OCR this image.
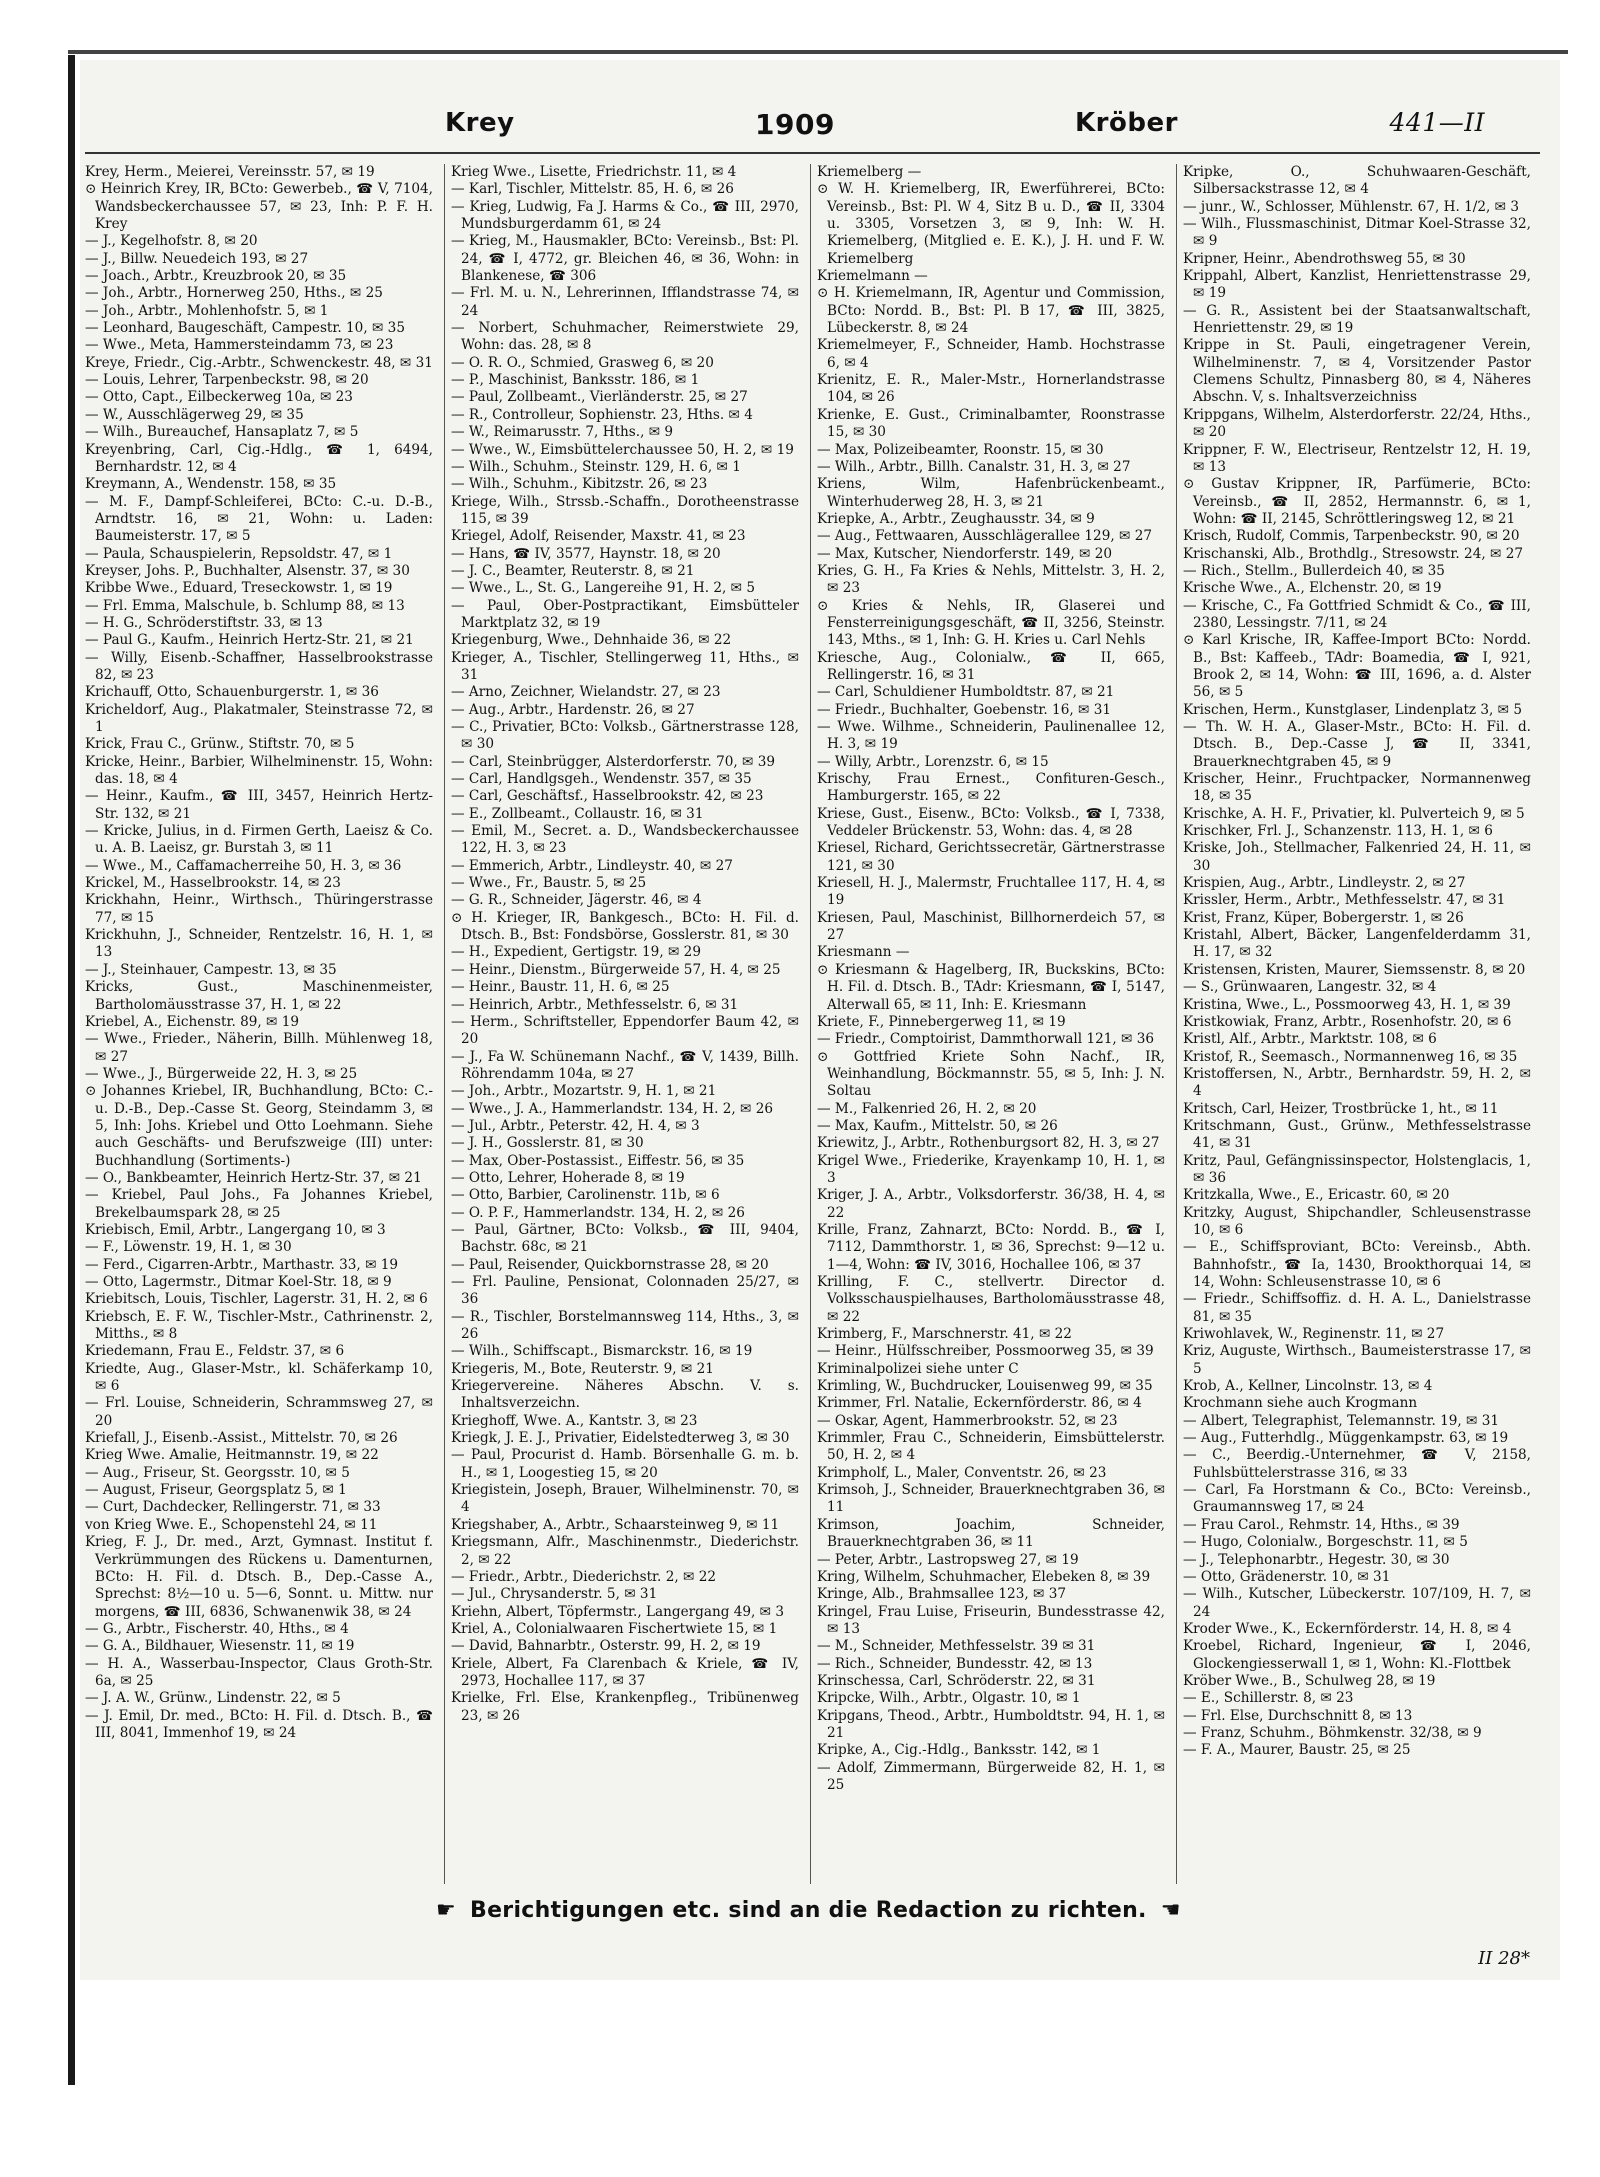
Krey	1909	Kröber	441—II

Krey, Herm., Meierei, Vereinsstr. 57, ✉ 19

⊙ Heinrich Krey, IR, BCto: Gewerbeb., ☎ V, 7104, Wandsbeckerchaussee 57, ✉ 23, Inh: P. F. H. Krey

— J., Kegelhofstr. 8, ✉ 20

— J., Billw. Neuedeich 193, ✉ 27

— Joach., Arbtr., Kreuzbrook 20, ✉ 35

— Joh., Arbtr., Hornerweg 250, Hths., ✉ 25

— Joh., Arbtr., Mohlenhofstr. 5, ✉ 1

— Leonhard, Baugeschäft, Campestr. 10, ✉ 35

— Wwe., Meta, Hammersteindamm 73, ✉ 23

Kreye, Friedr., Cig.-Arbtr., Schwenckestr. 48, ✉ 31

— Louis, Lehrer, Tarpenbeckstr. 98, ✉ 20

— Otto, Capt., Eilbeckerweg 10a, ✉ 23

— W., Ausschlägerweg 29, ✉ 35

— Wilh., Bureauchef, Hansaplatz 7, ✉ 5

Kreyenbring, Carl, Cig.-Hdlg., ☎ 1, 6494, Bernhardstr. 12, ✉ 4

Kreymann, A., Wendenstr. 158, ✉ 35

— M. F., Dampf-Schleiferei, BCto: C.-u. D.-B., Arndtstr. 16, ✉ 21, Wohn: u. Laden: Baumeisterstr. 17, ✉ 5

— Paula, Schauspielerin, Repsoldstr. 47, ✉ 1

Kreyser, Johs. P., Buchhalter, Alsenstr. 37, ✉ 30

Kribbe Wwe., Eduard, Treseckowstr. 1, ✉ 19

— Frl. Emma, Malschule, b. Schlump 88, ✉ 13

— H. G., Schröderstiftstr. 33, ✉ 13

— Paul G., Kaufm., Heinrich Hertz-Str. 21, ✉ 21

— Willy, Eisenb.-Schaffner, Hasselbrookstrasse 82, ✉ 23

Krichauff, Otto, Schauenburgerstr. 1, ✉ 36

Kricheldorf, Aug., Plakatmaler, Steinstrasse 72, ✉ 1

Krick, Frau C., Grünw., Stiftstr. 70, ✉ 5

Kricke, Heinr., Barbier, Wilhelminenstr. 15, Wohn: das. 18, ✉ 4

— Heinr., Kaufm., ☎ III, 3457, Heinrich Hertz-Str. 132, ✉ 21

— Kricke, Julius, in d. Firmen Gerth, Laeisz & Co. u. A. B. Laeisz, gr. Burstah 3, ✉ 11

— Wwe., M., Caffamacherreihe 50, H. 3, ✉ 36

Krickel, M., Hasselbrookstr. 14, ✉ 23

Krickhahn, Heinr., Wirthsch., Thüringerstrasse 77, ✉ 15

Krickhuhn, J., Schneider, Rentzelstr. 16, H. 1, ✉ 13

— J., Steinhauer, Campestr. 13, ✉ 35

Kricks, Gust., Maschinenmeister, Bartholomäusstrasse 37, H. 1, ✉ 22

Kriebel, A., Eichenstr. 89, ✉ 19

— Wwe., Frieder., Näherin, Billh. Mühlenweg 18, ✉ 27

— Wwe., J., Bürgerweide 22, H. 3, ✉ 25

⊙ Johannes Kriebel, IR, Buchhandlung, BCto: C.-u. D.-B., Dep.-Casse St. Georg, Steindamm 3, ✉ 5, Inh: Johs. Kriebel und Otto Loehmann. Siehe auch Geschäfts- und Berufszweige (III) unter: Buchhandlung (Sortiments-)

— O., Bankbeamter, Heinrich Hertz-Str. 37, ✉ 21

— Kriebel, Paul Johs., Fa Johannes Kriebel, Brekelbaumspark 28, ✉ 25

Kriebisch, Emil, Arbtr., Langergang 10, ✉ 3

— F., Löwenstr. 19, H. 1, ✉ 30

— Ferd., Cigarren-Arbtr., Marthastr. 33, ✉ 19

— Otto, Lagermstr., Ditmar Koel-Str. 18, ✉ 9

Kriebitsch, Louis, Tischler, Lagerstr. 31, H. 2, ✉ 6

Kriebsch, E. F. W., Tischler-Mstr., Cathrinenstr. 2, Mitths., ✉ 8

Kriedemann, Frau E., Feldstr. 37, ✉ 6

Kriedte, Aug., Glaser-Mstr., kl. Schäferkamp 10, ✉ 6

— Frl. Louise, Schneiderin, Schrammsweg 27, ✉ 20

Kriefall, J., Eisenb.-Assist., Mittelstr. 70, ✉ 26

Krieg Wwe. Amalie, Heitmannstr. 19, ✉ 22

— Aug., Friseur, St. Georgsstr. 10, ✉ 5

— August, Friseur, Georgsplatz 5, ✉ 1

— Curt, Dachdecker, Rellingerstr. 71, ✉ 33

von Krieg Wwe. E., Schopenstehl 24, ✉ 11

Krieg, F. J., Dr. med., Arzt, Gymnast. Institut f. Verkrümmungen des Rückens u. Damenturnen, BCto: H. Fil. d. Dtsch. B., Dep.-Casse A., Sprechst: 8½—10 u. 5—6, Sonnt. u. Mittw. nur morgens, ☎ III, 6836, Schwanenwik 38, ✉ 24

— G., Arbtr., Fischerstr. 40, Hths., ✉ 4

— G. A., Bildhauer, Wiesenstr. 11, ✉ 19

— H. A., Wasserbau-Inspector, Claus Groth-Str. 6a, ✉ 25

— J. A. W., Grünw., Lindenstr. 22, ✉ 5

— J. Emil, Dr. med., BCto: H. Fil. d. Dtsch. B., ☎ III, 8041, Immenhof 19, ✉ 24

Krieg Wwe., Lisette, Friedrichstr. 11, ✉ 4

— Karl, Tischler, Mittelstr. 85, H. 6, ✉ 26

— Krieg, Ludwig, Fa J. Harms & Co., ☎ III, 2970, Mundsburgerdamm 61, ✉ 24

— Krieg, M., Hausmakler, BCto: Vereinsb., Bst: Pl. 24, ☎ I, 4772, gr. Bleichen 46, ✉ 36, Wohn: in Blankenese, ☎ 306

— Frl. M. u. N., Lehrerinnen, Ifflandstrasse 74, ✉ 24

— Norbert, Schuhmacher, Reimerstwiete 29, Wohn: das. 28, ✉ 8

— O. R. O., Schmied, Grasweg 6, ✉ 20

— P., Maschinist, Banksstr. 186, ✉ 1

— Paul, Zollbeamt., Vierländerstr. 25, ✉ 27

— R., Controlleur, Sophienstr. 23, Hths. ✉ 4

— W., Reimarusstr. 7, Hths., ✉ 9

— Wwe., W., Eimsbüttelerchaussee 50, H. 2, ✉ 19

— Wilh., Schuhm., Steinstr. 129, H. 6, ✉ 1

— Wilh., Schuhm., Kibitzstr. 26, ✉ 23

Kriege, Wilh., Strssb.-Schaffn., Dorotheenstrasse 115, ✉ 39

Kriegel, Adolf, Reisender, Maxstr. 41, ✉ 23

— Hans, ☎ IV, 3577, Haynstr. 18, ✉ 20

— J. C., Beamter, Reuterstr. 8, ✉ 21

— Wwe., L., St. G., Langereihe 91, H. 2, ✉ 5

— Paul, Ober-Postpractikant, Eimsbütteler Marktplatz 32, ✉ 19

Kriegenburg, Wwe., Dehnhaide 36, ✉ 22

Krieger, A., Tischler, Stellingerweg 11, Hths., ✉ 31

— Arno, Zeichner, Wielandstr. 27, ✉ 23

— Aug., Arbtr., Hardenstr. 26, ✉ 27

— C., Privatier, BCto: Volksb., Gärtnerstrasse 128, ✉ 30

— Carl, Steinbrügger, Alsterdorferstr. 70, ✉ 39

— Carl, Handlgsgeh., Wendenstr. 357, ✉ 35

— Carl, Geschäftsf., Hasselbrookstr. 42, ✉ 23

— E., Zollbeamt., Collaustr. 16, ✉ 31

— Emil, M., Secret. a. D., Wandsbeckerchaussee 122, H. 3, ✉ 23

— Emmerich, Arbtr., Lindleystr. 40, ✉ 27

— Wwe., Fr., Baustr. 5, ✉ 25

— G. R., Schneider, Jägerstr. 46, ✉ 4

⊙ H. Krieger, IR, Bankgesch., BCto: H. Fil. d. Dtsch. B., Bst: Fondsbörse, Gosslerstr. 81, ✉ 30

— H., Expedient, Gertigstr. 19, ✉ 29

— Heinr., Dienstm., Bürgerweide 57, H. 4, ✉ 25

— Heinr., Baustr. 11, H. 6, ✉ 25

— Heinrich, Arbtr., Methfesselstr. 6, ✉ 31

— Herm., Schriftsteller, Eppendorfer Baum 42, ✉ 20

— J., Fa W. Schünemann Nachf., ☎ V, 1439, Billh. Röhrendamm 104a, ✉ 27

— Joh., Arbtr., Mozartstr. 9, H. 1, ✉ 21

— Wwe., J. A., Hammerlandstr. 134, H. 2, ✉ 26

— Jul., Arbtr., Peterstr. 42, H. 4, ✉ 3

— J. H., Gosslerstr. 81, ✉ 30

— Max, Ober-Postassist., Eiffestr. 56, ✉ 35

— Otto, Lehrer, Hoherade 8, ✉ 19

— Otto, Barbier, Carolinenstr. 11b, ✉ 6

— O. P. F., Hammerlandstr. 134, H. 2, ✉ 26

— Paul, Gärtner, BCto: Volksb., ☎ III, 9404, Bachstr. 68c, ✉ 21

— Paul, Reisender, Quickbornstrasse 28, ✉ 20

— Frl. Pauline, Pensionat, Colonnaden 25/27, ✉ 36

— R., Tischler, Borstelmannsweg 114, Hths., 3, ✉ 26

— Wilh., Schiffscapt., Bismarckstr. 16, ✉ 19

Kriegeris, M., Bote, Reuterstr. 9, ✉ 21

Kriegervereine. Näheres Abschn. V. s. Inhaltsverzeichn.

Krieghoff, Wwe. A., Kantstr. 3, ✉ 23

Kriegk, J. E. J., Privatier, Eidelstedterweg 3, ✉ 30

— Paul, Procurist d. Hamb. Börsenhalle G. m. b. H., ✉ 1, Loogestieg 15, ✉ 20

Kriegistein, Joseph, Brauer, Wilhelminenstr. 70, ✉ 4

Kriegshaber, A., Arbtr., Schaarsteinweg 9, ✉ 11

Kriegsmann, Alfr., Maschinenmstr., Diederichstr. 2, ✉ 22

— Friedr., Arbtr., Diederichstr. 2, ✉ 22

— Jul., Chrysanderstr. 5, ✉ 31

Kriehn, Albert, Töpfermstr., Langergang 49, ✉ 3

Kriel, A., Colonialwaaren Fischertwiete 15, ✉ 1

— David, Bahnarbtr., Osterstr. 99, H. 2, ✉ 19

Kriele, Albert, Fa Clarenbach & Kriele, ☎ IV, 2973, Hochallee 117, ✉ 37

Krielke, Frl. Else, Krankenpfleg., Tribünenweg 23, ✉ 26

Kriemelberg —

⊙ W. H. Kriemelberg, IR, Ewerführerei, BCto: Vereinsb., Bst: Pl. W 4, Sitz B u. D., ☎ II, 3304 u. 3305, Vorsetzen 3, ✉ 9, Inh: W. H. Kriemelberg, (Mitglied e. E. K.), J. H. und F. W. Kriemelberg

Kriemelmann —

⊙ H. Kriemelmann, IR, Agentur und Commission, BCto: Nordd. B., Bst: Pl. B 17, ☎ III, 3825, Lübeckerstr. 8, ✉ 24

Kriemelmeyer, F., Schneider, Hamb. Hochstrasse 6, ✉ 4

Krienitz, E. R., Maler-Mstr., Hornerlandstrasse 104, ✉ 26

Krienke, E. Gust., Criminalbamter, Roonstrasse 15, ✉ 30

— Max, Polizeibeamter, Roonstr. 15, ✉ 30

— Wilh., Arbtr., Billh. Canalstr. 31, H. 3, ✉ 27

Kriens, Wilm, Hafenbrückenbeamt., Winterhuderweg 28, H. 3, ✉ 21

Kriepke, A., Arbtr., Zeughausstr. 34, ✉ 9

— Aug., Fettwaaren, Ausschlägerallee 129, ✉ 27

— Max, Kutscher, Niendorferstr. 149, ✉ 20

Kries, G. H., Fa Kries & Nehls, Mittelstr. 3, H. 2, ✉ 23

⊙ Kries & Nehls, IR, Glaserei und Fensterreinigungsgeschäft, ☎ II, 3256, Steinstr. 143, Mths., ✉ 1, Inh: G. H. Kries u. Carl Nehls

Kriesche, Aug., Colonialw., ☎ II, 665, Rellingerstr. 16, ✉ 31

— Carl, Schuldiener Humboldtstr. 87, ✉ 21

— Friedr., Buchhalter, Goebenstr. 16, ✉ 31

— Wwe. Wilhme., Schneiderin, Paulinenallee 12, H. 3, ✉ 19

— Willy, Arbtr., Lorenzstr. 6, ✉ 15

Krischy, Frau Ernest., Confituren-Gesch., Hamburgerstr. 165, ✉ 22

Kriese, Gust., Eisenw., BCto: Volksb., ☎ I, 7338, Veddeler Brückenstr. 53, Wohn: das. 4, ✉ 28

Kriesel, Richard, Gerichtssecretär, Gärtnerstrasse 121, ✉ 30

Kriesell, H. J., Malermstr, Fruchtallee 117, H. 4, ✉ 19

Kriesen, Paul, Maschinist, Billhornerdeich 57, ✉ 27

Kriesmann —

⊙ Kriesmann & Hagelberg, IR, Buckskins, BCto: H. Fil. d. Dtsch. B., TAdr: Kriesmann, ☎ I, 5147, Alterwall 65, ✉ 11, Inh: E. Kriesmann

Kriete, F., Pinnebergerweg 11, ✉ 19

— Friedr., Comptoirist, Dammthorwall 121, ✉ 36

⊙ Gottfried Kriete Sohn Nachf., IR, Weinhandlung, Böckmannstr. 55, ✉ 5, Inh: J. N. Soltau

— M., Falkenried 26, H. 2, ✉ 20

— Max, Kaufm., Mittelstr. 50, ✉ 26

Kriewitz, J., Arbtr., Rothenburgsort 82, H. 3, ✉ 27

Krigel Wwe., Friederike, Krayenkamp 10, H. 1, ✉ 3

Kriger, J. A., Arbtr., Volksdorferstr. 36/38, H. 4, ✉ 22

Krille, Franz, Zahnarzt, BCto: Nordd. B., ☎ I, 7112, Dammthorstr. 1, ✉ 36, Sprechst: 9—12 u. 1—4, Wohn: ☎ IV, 3016, Hochallee 106, ✉ 37

Krilling, F. C., stellvertr. Director d. Volksschauspielhauses, Bartholomäusstrasse 48, ✉ 22

Krimberg, F., Marschnerstr. 41, ✉ 22

— Heinr., Hülfsschreiber, Possmoorweg 35, ✉ 39

Kriminalpolizei siehe unter C

Krimling, W., Buchdrucker, Louisenweg 99, ✉ 35

Krimmer, Frl. Natalie, Eckernförderstr. 86, ✉ 4

— Oskar, Agent, Hammerbrookstr. 52, ✉ 23

Krimmler, Frau C., Schneiderin, Eimsbüttelerstr. 50, H. 2, ✉ 4

Krimpholf, L., Maler, Conventstr. 26, ✉ 23

Krimsoh, J., Schneider, Brauerknechtgraben 36, ✉ 11

Krimson, Joachim, Schneider, Brauerknechtgraben 36, ✉ 11

— Peter, Arbtr., Lastropsweg 27, ✉ 19

Kring, Wilhelm, Schuhmacher, Elebeken 8, ✉ 39

Kringe, Alb., Brahmsallee 123, ✉ 37

Kringel, Frau Luise, Friseurin, Bundesstrasse 42, ✉ 13

— M., Schneider, Methfesselstr. 39 ✉ 31

— Rich., Schneider, Bundesstr. 42, ✉ 13

Krinschessa, Carl, Schröderstr. 22, ✉ 31

Kripcke, Wilh., Arbtr., Olgastr. 10, ✉ 1

Kripgans, Theod., Arbtr., Humboldtstr. 94, H. 1, ✉ 21

Kripke, A., Cig.-Hdlg., Banksstr. 142, ✉ 1

— Adolf, Zimmermann, Bürgerweide 82, H. 1, ✉ 25

Kripke, O., Schuhwaaren-Geschäft, Silbersackstrasse 12, ✉ 4

— junr., W., Schlosser, Mühlenstr. 67, H. 1/2, ✉ 3

— Wilh., Flussmaschinist, Ditmar Koel-Strasse 32, ✉ 9

Kripner, Heinr., Abendrothsweg 55, ✉ 30

Krippahl, Albert, Kanzlist, Henriettenstrasse 29, ✉ 19

— G. R., Assistent bei der Staatsanwaltschaft, Henriettenstr. 29, ✉ 19

Krippe in St. Pauli, eingetragener Verein, Wilhelminenstr. 7, ✉ 4, Vorsitzender Pastor Clemens Schultz, Pinnasberg 80, ✉ 4, Näheres Abschn. V, s. Inhaltsverzeichniss

Krippgans, Wilhelm, Alsterdorferstr. 22/24, Hths., ✉ 20

Krippner, F. W., Electriseur, Rentzelstr 12, H. 19, ✉ 13

⊙ Gustav Krippner, IR, Parfümerie, BCto: Vereinsb., ☎ II, 2852, Hermannstr. 6, ✉ 1, Wohn: ☎ II, 2145, Schröttleringsweg 12, ✉ 21

Krisch, Rudolf, Commis, Tarpenbeckstr. 90, ✉ 20

Krischanski, Alb., Brothdlg., Stresowstr. 24, ✉ 27

— Rich., Stellm., Bullerdeich 40, ✉ 35

Krische Wwe., A., Elchenstr. 20, ✉ 19

— Krische, C., Fa Gottfried Schmidt & Co., ☎ III, 2380, Lessingstr. 7/11, ✉ 24

⊙ Karl Krische, IR, Kaffee-Import BCto: Nordd. B., Bst: Kaffeeb., TAdr: Boamedia, ☎ I, 921, Brook 2, ✉ 14, Wohn: ☎ III, 1696, a. d. Alster 56, ✉ 5

Krischen, Herm., Kunstglaser, Lindenplatz 3, ✉ 5

— Th. W. H. A., Glaser-Mstr., BCto: H. Fil. d. Dtsch. B., Dep.-Casse J, ☎ II, 3341, Brauerknechtgraben 45, ✉ 9

Krischer, Heinr., Fruchtpacker, Normannenweg 18, ✉ 35

Krischke, A. H. F., Privatier, kl. Pulverteich 9, ✉ 5

Krischker, Frl. J., Schanzenstr. 113, H. 1, ✉ 6

Kriske, Joh., Stellmacher, Falkenried 24, H. 11, ✉ 30

Krispien, Aug., Arbtr., Lindleystr. 2, ✉ 27

Krissler, Herm., Arbtr., Methfesselstr. 47, ✉ 31

Krist, Franz, Küper, Bobergerstr. 1, ✉ 26

Kristahl, Albert, Bäcker, Langenfelderdamm 31, H. 17, ✉ 32

Kristensen, Kristen, Maurer, Siemssenstr. 8, ✉ 20

— S., Grünwaaren, Langestr. 32, ✉ 4

Kristina, Wwe., L., Possmoorweg 43, H. 1, ✉ 39

Kristkowiak, Franz, Arbtr., Rosenhofstr. 20, ✉ 6

Kristl, Alf., Arbtr., Marktstr. 108, ✉ 6

Kristof, R., Seemasch., Normannenweg 16, ✉ 35

Kristoffersen, N., Arbtr., Bernhardstr. 59, H. 2, ✉ 4

Kritsch, Carl, Heizer, Trostbrücke 1, ht., ✉ 11

Kritschmann, Gust., Grünw., Methfesselstrasse 41, ✉ 31

Kritz, Paul, Gefängnissinspector, Holstenglacis, 1, ✉ 36

Kritzkalla, Wwe., E., Ericastr. 60, ✉ 20

Kritzky, August, Shipchandler, Schleusenstrasse 10, ✉ 6

— E., Schiffsproviant, BCto: Vereinsb., Abth. Bahnhofstr., ☎ Ia, 1430, Brookthorquai 14, ✉ 14, Wohn: Schleusenstrasse 10, ✉ 6

— Friedr., Schiffsoffiz. d. H. A. L., Danielstrasse 81, ✉ 35

Kriwohlavek, W., Reginenstr. 11, ✉ 27

Kriz, Auguste, Wirthsch., Baumeisterstrasse 17, ✉ 5

Krob, A., Kellner, Lincolnstr. 13, ✉ 4

Krochmann siehe auch Krogmann

— Albert, Telegraphist, Telemannstr. 19, ✉ 31

— Aug., Futterhdlg., Müggenkampstr. 63, ✉ 19

— C., Beerdig.-Unternehmer, ☎ V, 2158, Fuhlsbüttelerstrasse 316, ✉ 33

— Carl, Fa Horstmann & Co., BCto: Vereinsb., Graumannsweg 17, ✉ 24

— Frau Carol., Rehmstr. 14, Hths., ✉ 39

— Hugo, Colonialw., Borgeschstr. 11, ✉ 5

— J., Telephonarbtr., Hegestr. 30, ✉ 30

— Otto, Grädenerstr. 10, ✉ 31

— Wilh., Kutscher, Lübeckerstr. 107/109, H. 7, ✉ 24

Kroder Wwe., K., Eckernförderstr. 14, H. 8, ✉ 4

Kroebel, Richard, Ingenieur, ☎ I, 2046, Glockengiesserwall 1, ✉ 1, Wohn: Kl.-Flottbek

Kröber Wwe., B., Schulweg 28, ✉ 19

— E., Schillerstr. 8, ✉ 23

— Frl. Else, Durchschnitt 8, ✉ 13

— Franz, Schuhm., Böhmkenstr. 32/38, ✉ 9

— F. A., Maurer, Baustr. 25, ✉ 25

☛ Berichtigungen etc. sind an die Redaction zu richten. ☚
II 28*
